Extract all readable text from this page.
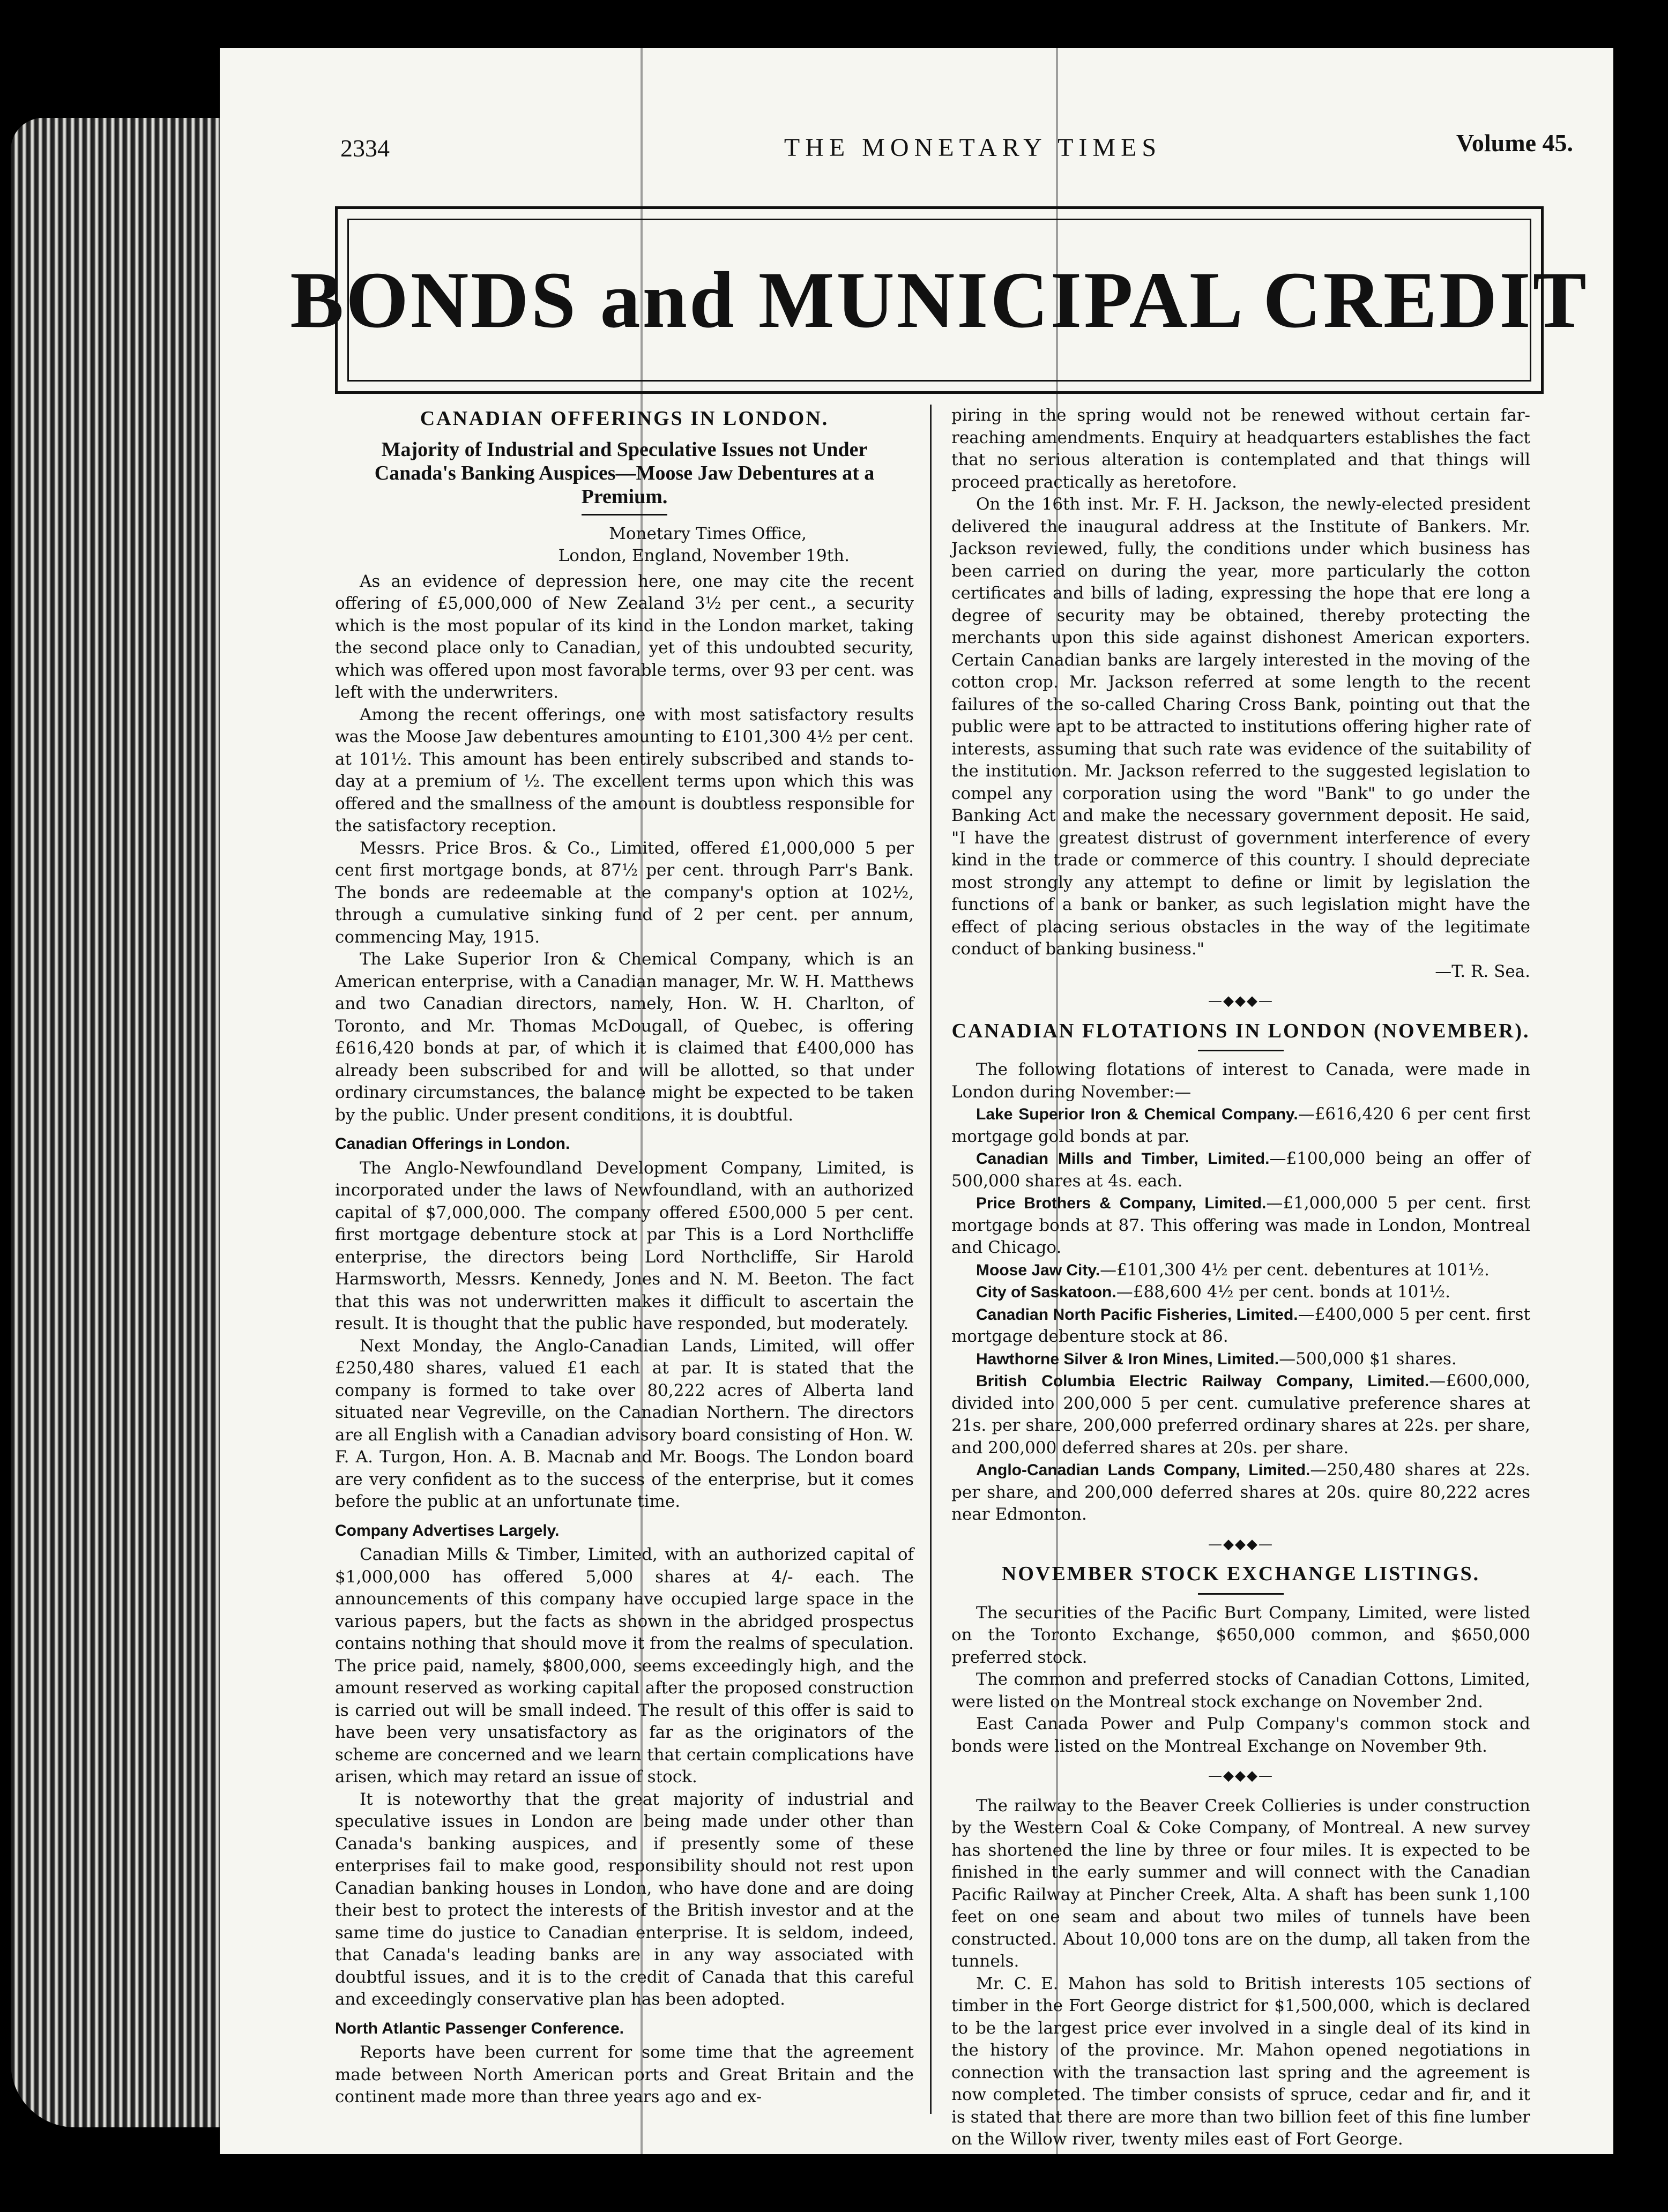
2334	THE MONETARY TIMES	Volume 45.
BONDS and MUNICIPAL CREDIT
CANADIAN OFFERINGS IN LONDON.
Majority of Industrial and Speculative Issues not Under Canada's Banking Auspices—Moose Jaw Debentures at a Premium.
Monetary Times Office,
London, England, November 19th.

As an evidence of depression here, one may cite the recent offering of £5,000,000 of New Zealand 3½ per cent., a security which is the most popular of its kind in the London market, taking the second place only to Canadian, yet of this undoubted security, which was offered upon most favorable terms, over 93 per cent. was left with the underwriters.

Among the recent offerings, one with most satisfactory results was the Moose Jaw debentures amounting to £101,300 4½ per cent. at 101½. This amount has been entirely subscribed and stands to-day at a premium of ½. The excellent terms upon which this was offered and the smallness of the amount is doubtless responsible for the satisfactory reception.

Messrs. Price Bros. & Co., Limited, offered £1,000,000 5 per cent first mortgage bonds, at 87½ per cent. through Parr's Bank. The bonds are redeemable at the company's option at 102½, through a cumulative sinking fund of 2 per cent. per annum, commencing May, 1915.

The Lake Superior Iron & Chemical Company, which is an American enterprise, with a Canadian manager, Mr. W. H. Matthews and two Canadian directors, namely, Hon. W. H. Charlton, of Toronto, and Mr. Thomas McDougall, of Quebec, is offering £616,420 bonds at par, of which it is claimed that £400,000 has already been subscribed for and will be allotted, so that under ordinary circumstances, the balance might be expected to be taken by the public. Under present conditions, it is doubtful.

Canadian Offerings in London.

The Anglo-Newfoundland Development Company, Limited, is incorporated under the laws of Newfoundland, with an authorized capital of $7,000,000. The company offered £500,000 5 per cent. first mortgage debenture stock at par This is a Lord Northcliffe enterprise, the directors being Lord Northcliffe, Sir Harold Harmsworth, Messrs. Kennedy, Jones and N. M. Beeton. The fact that this was not underwritten makes it difficult to ascertain the result. It is thought that the public have responded, but moderately.

Next Monday, the Anglo-Canadian Lands, Limited, will offer £250,480 shares, valued £1 each at par. It is stated that the company is formed to take over 80,222 acres of Alberta land situated near Vegreville, on the Canadian Northern. The directors are all English with a Canadian advisory board consisting of Hon. W. F. A. Turgon, Hon. A. B. Macnab and Mr. Boogs. The London board are very confident as to the success of the enterprise, but it comes before the public at an unfortunate time.

Company Advertises Largely.

Canadian Mills & Timber, Limited, with an authorized capital of $1,000,000 has offered 5,000 shares at 4/- each. The announcements of this company have occupied large space in the various papers, but the facts as shown in the abridged prospectus contains nothing that should move it from the realms of speculation. The price paid, namely, $800,000, seems exceedingly high, and the amount reserved as working capital after the proposed construction is carried out will be small indeed. The result of this offer is said to have been very unsatisfactory as far as the originators of the scheme are concerned and we learn that certain complications have arisen, which may retard an issue of stock.

It is noteworthy that the great majority of industrial and speculative issues in London are being made under other than Canada's banking auspices, and if presently some of these enterprises fail to make good, responsibility should not rest upon Canadian banking houses in London, who have done and are doing their best to protect the interests of the British investor and at the same time do justice to Canadian enterprise. It is seldom, indeed, that Canada's leading banks are in any way associated with doubtful issues, and it is to the credit of Canada that this careful and exceedingly conservative plan has been adopted.

North Atlantic Passenger Conference.

Reports have been current for some time that the agreement made between North American ports and Great Britain and the continent made more than three years ago and ex-

piring in the spring would not be renewed without certain far-reaching amendments. Enquiry at headquarters establishes the fact that no serious alteration is contemplated and that things will proceed practically as heretofore.

On the 16th inst. Mr. F. H. Jackson, the newly-elected president delivered the inaugural address at the Institute of Bankers. Mr. Jackson reviewed, fully, the conditions under which business has been carried on during the year, more particularly the cotton certificates and bills of lading, expressing the hope that ere long a degree of security may be obtained, thereby protecting the merchants upon this side against dishonest American exporters. Certain Canadian banks are largely interested in the moving of the cotton crop. Mr. Jackson referred at some length to the recent failures of the so-called Charing Cross Bank, pointing out that the public were apt to be attracted to institutions offering higher rate of interests, assuming that such rate was evidence of the suitability of the institution. Mr. Jackson referred to the suggested legislation to compel any corporation using the word "Bank" to go under the Banking Act and make the necessary government deposit. He said, "I have the greatest distrust of government interference of every kind in the trade or commerce of this country. I should depreciate most strongly any attempt to define or limit by legislation the functions of a bank or banker, as such legislation might have the effect of placing serious obstacles in the way of the legitimate conduct of banking business."

—T. R. Sea.
—◆◆◆—
CANADIAN FLOTATIONS IN LONDON (NOVEMBER).

The following flotations of interest to Canada, were made in London during November:—

Lake Superior Iron & Chemical Company.—£616,420 6 per cent first mortgage gold bonds at par.

Canadian Mills and Timber, Limited.—£100,000 being an offer of 500,000 shares at 4s. each.

Price Brothers & Company, Limited.—£1,000,000 5 per cent. first mortgage bonds at 87. This offering was made in London, Montreal and Chicago.

Moose Jaw City.—£101,300 4½ per cent. debentures at 101½.

City of Saskatoon.—£88,600 4½ per cent. bonds at 101½.

Canadian North Pacific Fisheries, Limited.—£400,000 5 per cent. first mortgage debenture stock at 86.

Hawthorne Silver & Iron Mines, Limited.—500,000 $1 shares.

British Columbia Electric Railway Company, Limited.—£600,000, divided into 200,000 5 per cent. cumulative preference shares at 21s. per share, 200,000 preferred ordinary shares at 22s. per share, and 200,000 deferred shares at 20s. per share.

Anglo-Canadian Lands Company, Limited.—250,480 shares at 22s. per share, and 200,000 deferred shares at 20s. quire 80,222 acres near Edmonton.

—◆◆◆—
NOVEMBER STOCK EXCHANGE LISTINGS.

The securities of the Pacific Burt Company, Limited, were listed on the Toronto Exchange, $650,000 common, and $650,000 preferred stock.

The common and preferred stocks of Canadian Cottons, Limited, were listed on the Montreal stock exchange on November 2nd.

East Canada Power and Pulp Company's common stock and bonds were listed on the Montreal Exchange on November 9th.

—◆◆◆—

The railway to the Beaver Creek Collieries is under construction by the Western Coal & Coke Company, of Montreal. A new survey has shortened the line by three or four miles. It is expected to be finished in the early summer and will connect with the Canadian Pacific Railway at Pincher Creek, Alta. A shaft has been sunk 1,100 feet on one seam and about two miles of tunnels have been constructed. About 10,000 tons are on the dump, all taken from the tunnels.

Mr. C. E. Mahon has sold to British interests 105 sections of timber in the Fort George district for $1,500,000, which is declared to be the largest price ever involved in a single deal of its kind in the history of the province. Mr. Mahon opened negotiations in connection with the transaction last spring and the agreement is now completed. The timber consists of spruce, cedar and fir, and it is stated that there are more than two billion feet of this fine lumber on the Willow river, twenty miles east of Fort George.
